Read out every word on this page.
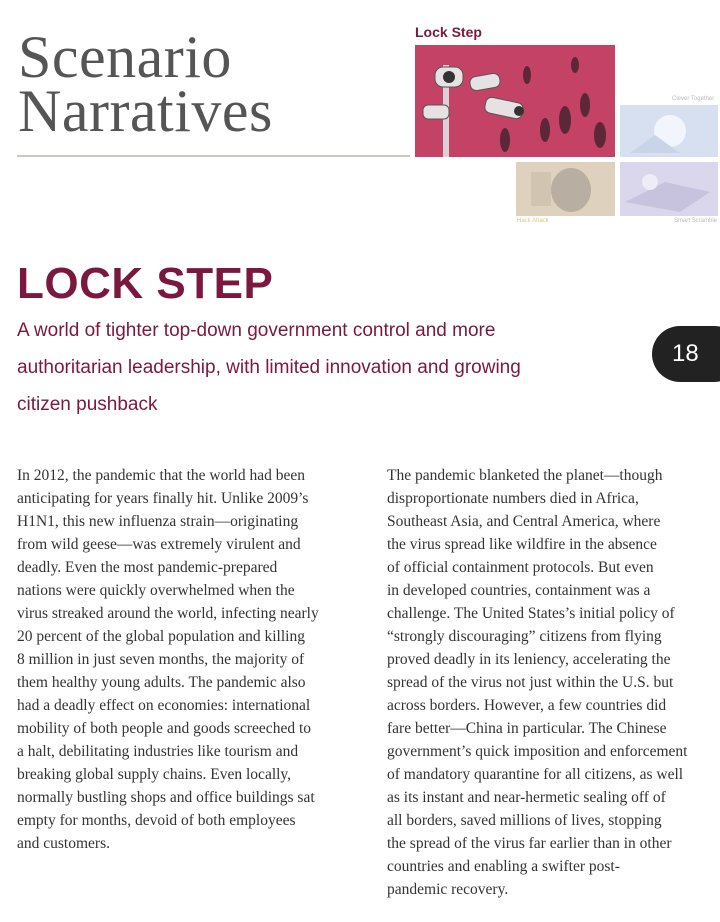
Scenario
Narratives
Lock Step
Clever Together
Hack Attack	Smart Scramble
LOCK STEP
A world of tighter top-down government control and more
authoritarian leadership, with limited innovation and growing
citizen pushback
18
In 2012, the pandemic that the world had been
anticipating for years finally hit. Unlike 2009’s
H1N1, this new influenza strain—originating
from wild geese—was extremely virulent and
deadly. Even the most pandemic-prepared
nations were quickly overwhelmed when the
virus streaked around the world, infecting nearly
20 percent of the global population and killing
8 million in just seven months, the majority of
them healthy young adults. The pandemic also
had a deadly effect on economies: international
mobility of both people and goods screeched to
a halt, debilitating industries like tourism and
breaking global supply chains. Even locally,
normally bustling shops and office buildings sat
empty for months, devoid of both employees
and customers.
The pandemic blanketed the planet—though
disproportionate numbers died in Africa,
Southeast Asia, and Central America, where
the virus spread like wildfire in the absence
of official containment protocols. But even
in developed countries, containment was a
challenge. The United States’s initial policy of
“strongly discouraging” citizens from flying
proved deadly in its leniency, accelerating the
spread of the virus not just within the U.S. but
across borders. However, a few countries did
fare better—China in particular. The Chinese
government’s quick imposition and enforcement
of mandatory quarantine for all citizens, as well
as its instant and near-hermetic sealing off of
all borders, saved millions of lives, stopping
the spread of the virus far earlier than in other
countries and enabling a swifter post-
pandemic recovery.
